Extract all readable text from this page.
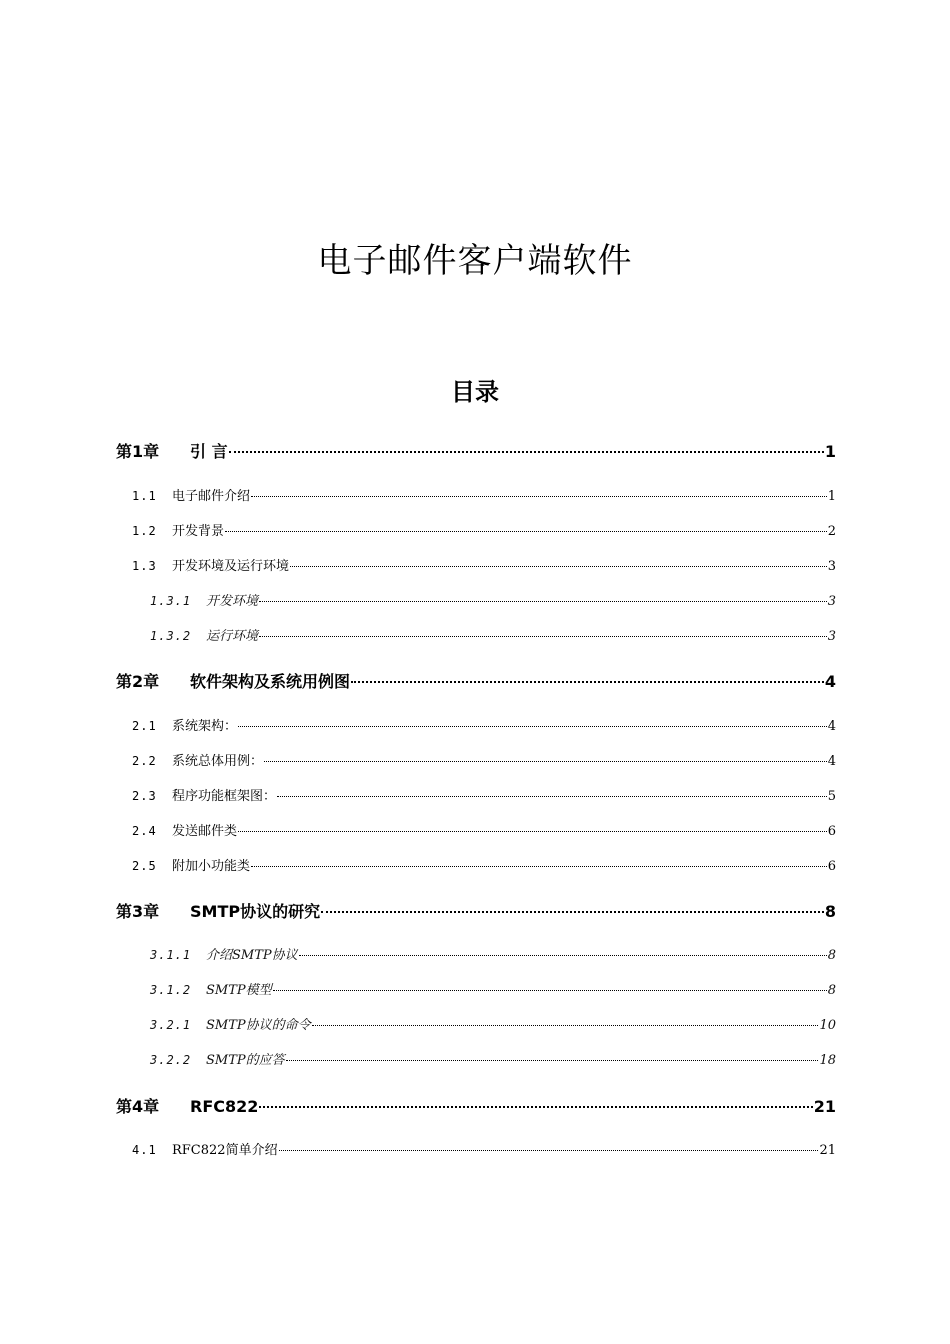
电子邮件客户端软件
目录
第1章	引 言	1
1.1	电子邮件介绍	1
1.2	开发背景	2
1.3	开发环境及运行环境	3
1.3.1	开发环境	3
1.3.2	运行环境	3
第2章	软件架构及系统用例图	4
2.1	系统架构：	4
2.2	系统总体用例：	4
2.3	程序功能框架图：	5
2.4	发送邮件类	6
2.5	附加小功能类	6
第3章	SMTP协议的研究	8
3.1.1	介绍SMTP协议	8
3.1.2	SMTP模型	8
3.2.1	SMTP协议的命令	10
3.2.2	SMTP的应答	18
第4章	RFC822	21
4.1	RFC822简单介绍	21
